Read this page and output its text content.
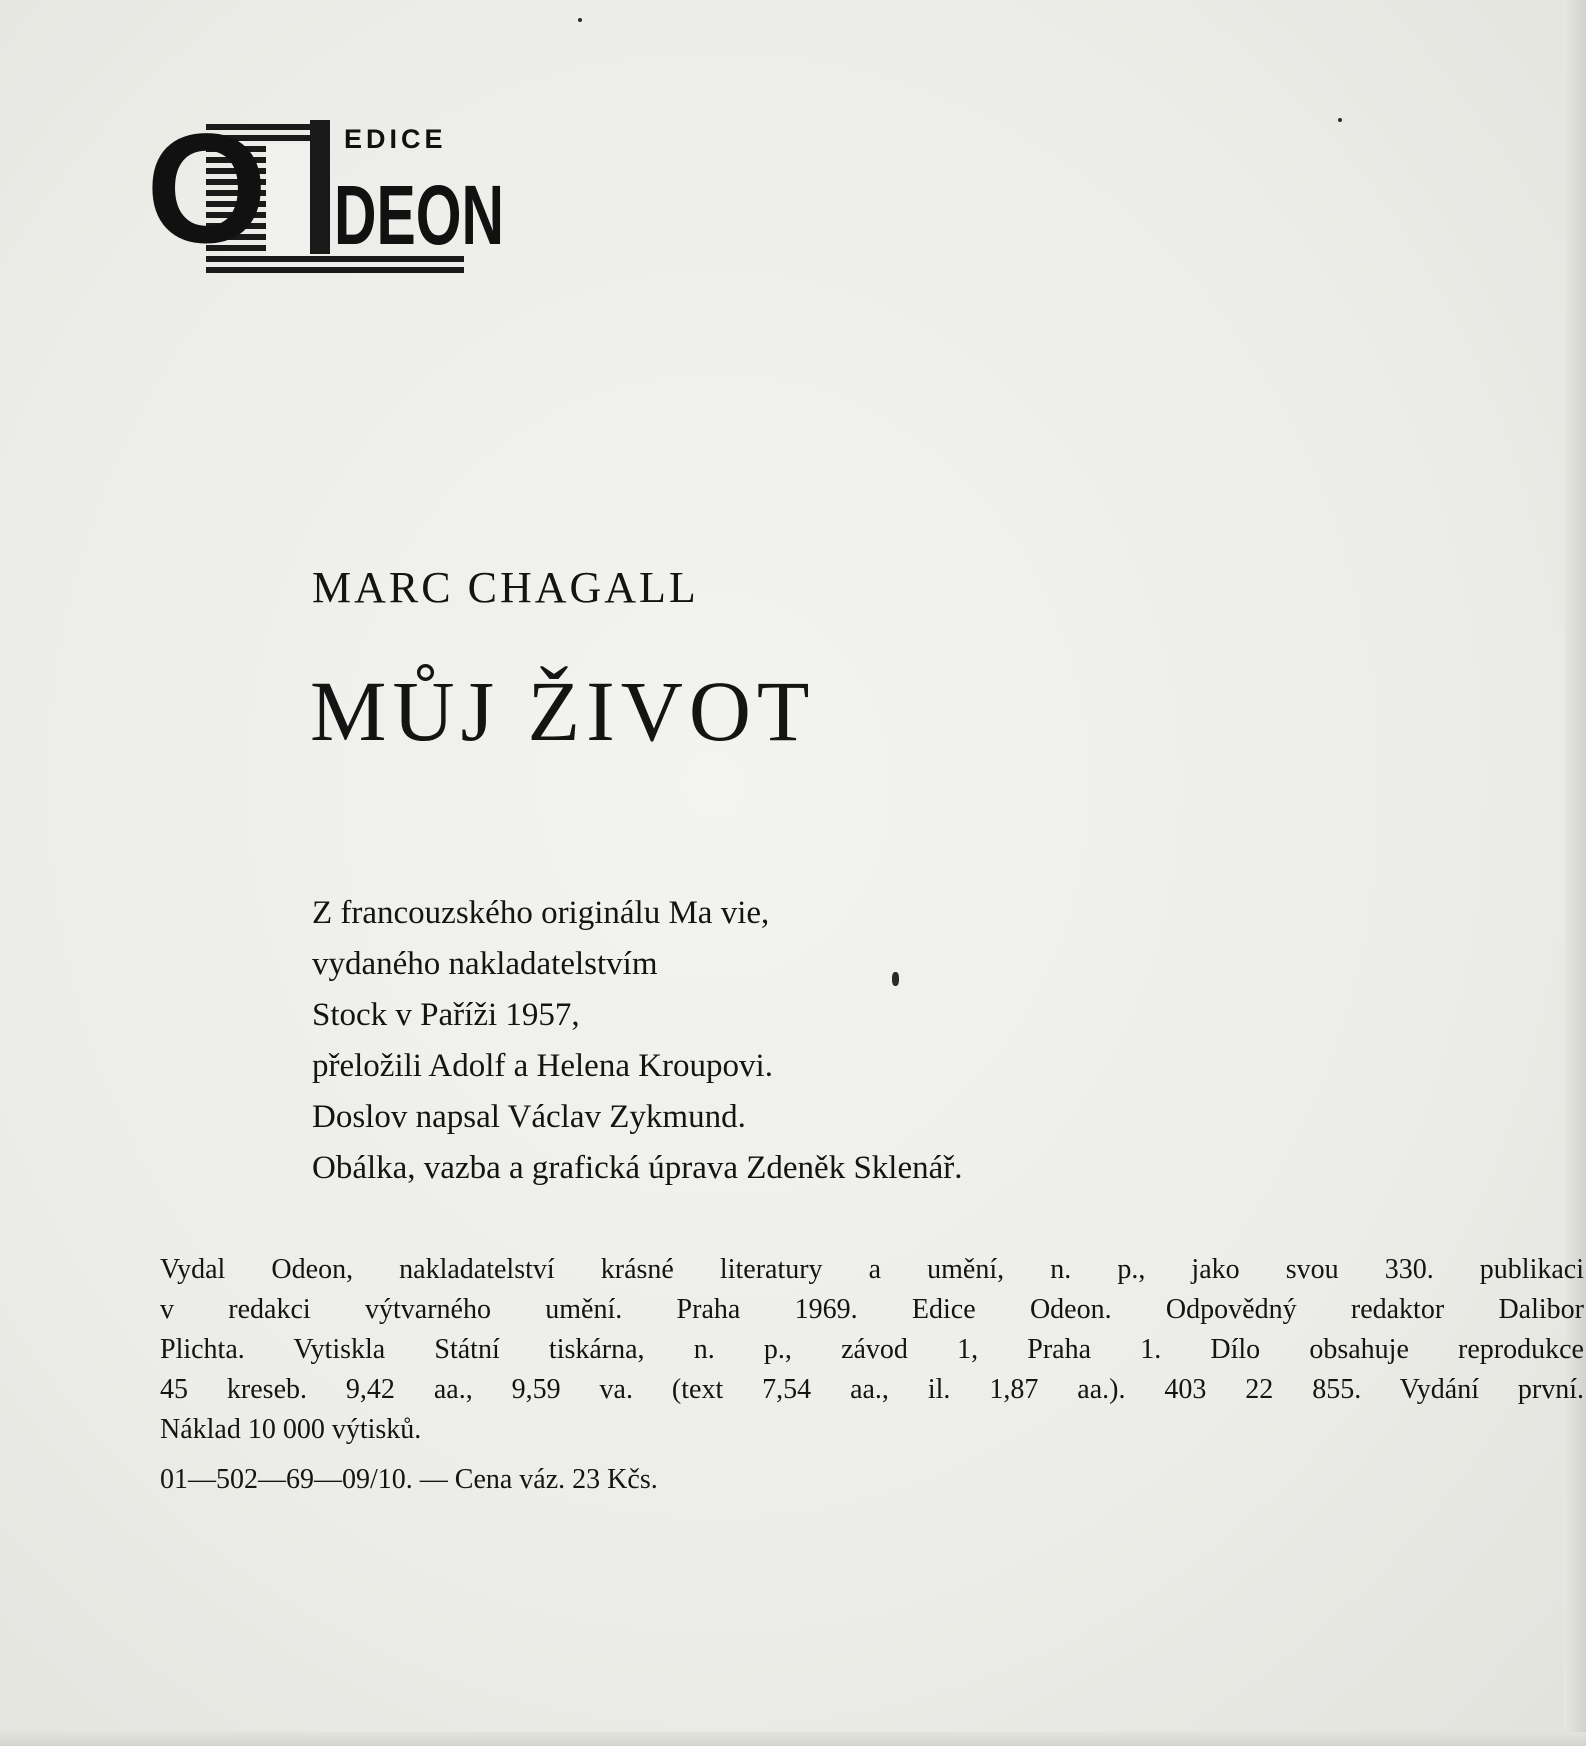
O	EDICE
DEON
MARC CHAGALL
MŮJ ŽIVOT
Z francouzského originálu Ma vie,
vydaného nakladatelstvím
Stock v Paříži 1957,
přeložili Adolf a Helena Kroupovi.
Doslov napsal Václav Zykmund.
Obálka, vazba a grafická úprava Zdeněk Sklenář.
Vydal Odeon, nakladatelství krásné literatury a umění, n. p., jako svou 330. publikaci
v redakci výtvarného umění. Praha 1969. Edice Odeon. Odpovědný redaktor Dalibor
Plichta. Vytiskla Státní tiskárna, n. p., závod 1, Praha 1. Dílo obsahuje reprodukce
45 kreseb. 9,42 aa., 9,59 va. (text 7,54 aa., il. 1,87 aa.). 403 22 855. Vydání první.
Náklad 10 000 výtisků.
01—502—69—09/10. — Cena váz. 23 Kčs.
